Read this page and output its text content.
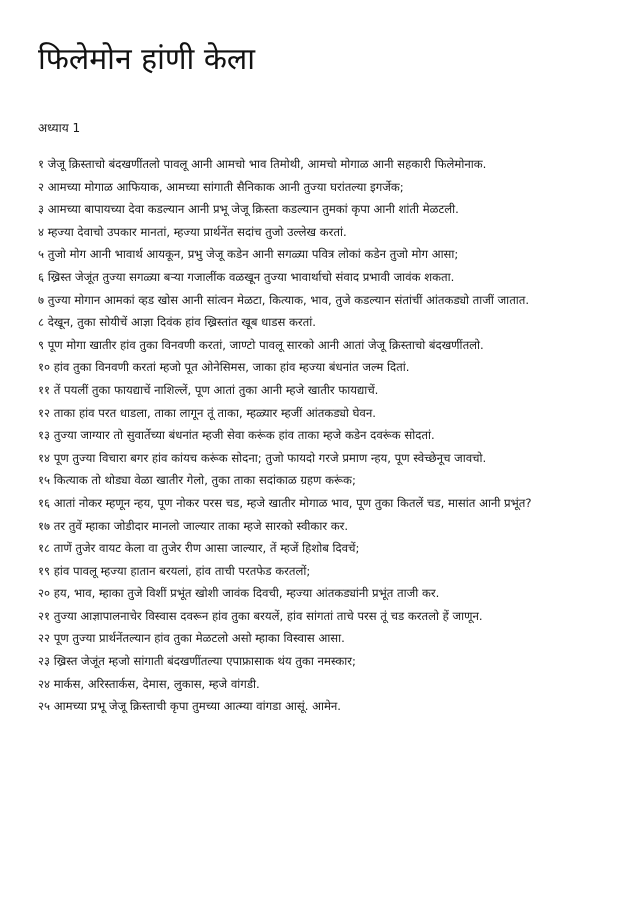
फिलेमोन हांणी केला

अध्याय 1

१ जेजू क्रिस्ताचो बंदखणींतलो पावलू आनी आमचो भाव तिमोथी, आमचो मोगाळ आनी सहकारी फिलेमोनाक.
२ आमच्या मोगाळ आफियाक, आमच्या सांगाती सैनिकाक आनी तुज्या घरांतल्या इगर्जेक;
३ आमच्या बापायच्या देवा कडल्यान आनी प्रभू जेजू क्रिस्ता कडल्यान तुमकां कृपा आनी शांती मेळटली.
४ म्हज्या देवाचो उपकार मानतां, म्हज्या प्रार्थनेंत सदांच तुजो उल्लेख करतां.
५ तुजो मोग आनी भावार्थ आयकून, प्रभु जेजू कडेन आनी सगळ्या पवित्र लोकां कडेन तुजो मोग आसा;
६ ख्रिस्त जेजूंत तुज्या सगळ्या बऱ्या गजालींक वळखून तुज्या भावार्थाचो संवाद प्रभावी जावंक शकता.
७ तुज्या मोगान आमकां व्हड खोस आनी सांत्वन मेळटा, कित्याक, भाव, तुजे कडल्यान संतांचीं आंतकड्यो ताजीं जातात.
८ देखून, तुका सोयीचें आज्ञा दिवंक हांव ख्रिस्तांत खूब धाडस करतां.
९ पूण मोगा खातीर हांव तुका विनवणी करतां, जाण्टो पावलू सारको आनी आतां जेजू क्रिस्ताचो बंदखणींतलो.
१० हांव तुका विनवणी करतां म्हजो पूत ओनेसिमस, जाका हांव म्हज्या बंधनांत जल्म दितां.
११ तें पयलीं तुका फायद्याचें नाशिल्लें, पूण आतां तुका आनी म्हजे खातीर फायद्याचें.
१२ ताका हांव परत धाडला, ताका लागून तूं ताका, म्हळ्यार म्हजीं आंतकड्यो घेवन.
१३ तुज्या जाग्यार तो सुवार्तेच्या बंधनांत म्हजी सेवा करूंक हांव ताका म्हजे कडेन दवरूंक सोदतां.
१४ पूण तुज्या विचारा बगर हांव कांयच करूंक सोदना; तुजो फायदो गरजे प्रमाण न्हय, पूण स्वेच्छेनूच जावचो.
१५ कित्याक तो थोड्या वेळा खातीर गेलो, तुका ताका सदांकाळ ग्रहण करूंक;
१६ आतां नोकर म्हणून न्हय, पूण नोकर परस चड, म्हजे खातीर मोगाळ भाव, पूण तुका कितलें चड, मासांत आनी प्रभूंत?
१७ तर तुवें म्हाका जोडीदार मानलो जाल्यार ताका म्हजे सारको स्वीकार कर.
१८ ताणें तुजेर वायट केला वा तुजेर रीण आसा जाल्यार, तें म्हजें हिशोब दिवचें;
१९ हांव पावलू म्हज्या हातान बरयलां, हांव ताची परतफेड करतलों;
२० हय, भाव, म्हाका तुजे विशीं प्रभूंत खोशी जावंक दिवची, म्हज्या आंतकड्यांनी प्रभूंत ताजी कर.
२१ तुज्या आज्ञापालनाचेर विस्वास दवरून हांव तुका बरयलें, हांव सांगतां ताचे परस तूं चड करतलो हें जाणून.
२२ पूण तुज्या प्रार्थनेंतल्यान हांव तुका मेळटलो असो म्हाका विस्वास आसा.
२३ ख्रिस्त जेजूंत म्हजो सांगाती बंदखणींतल्या एपाफ्रासाक थंय तुका नमस्कार;
२४ मार्कस, अरिस्तार्कस, देमास, लुकास, म्हजे वांगडी.
२५ आमच्या प्रभू जेजू क्रिस्ताची कृपा तुमच्या आत्म्या वांगडा आसूं. आमेन.
